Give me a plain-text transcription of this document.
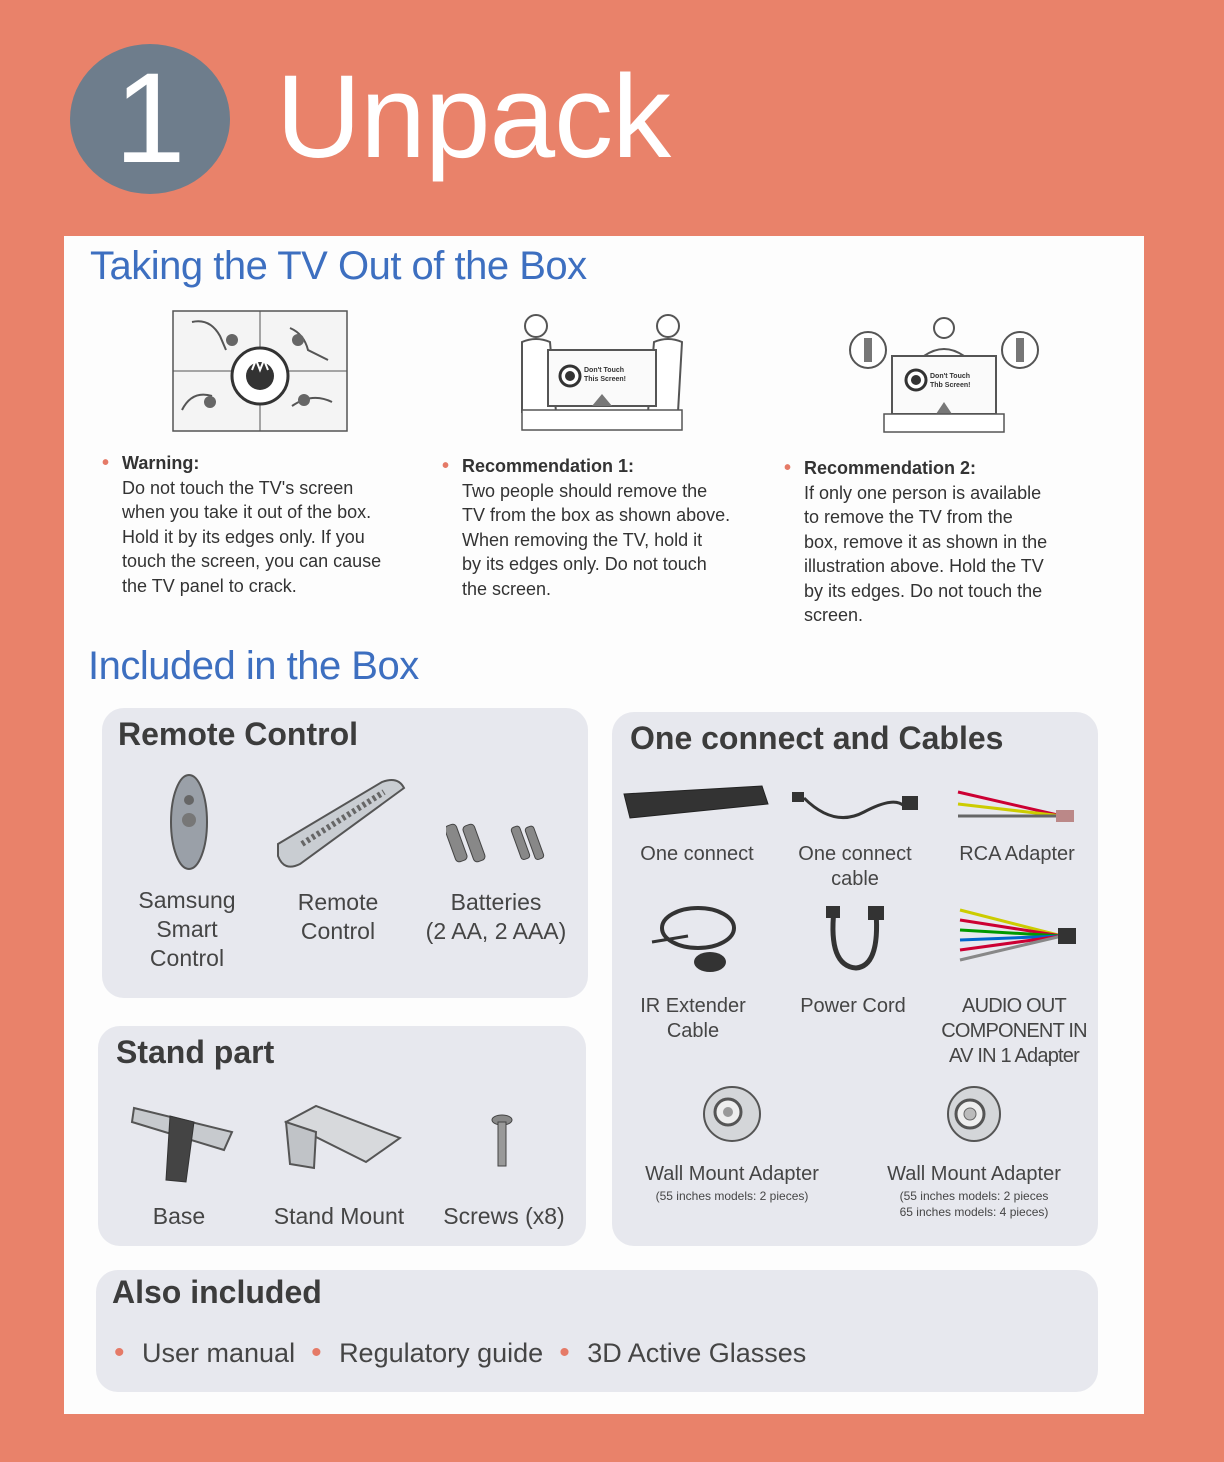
1 Unpack
Taking the TV Out of the Box
Don't Touch
This Screen!	Don't Touch
Thb Screen!
• Warning:
Do not touch the TV's screen
when you take it out of the box.
Hold it by its edges only. If you
touch the screen, you can cause
the TV panel to crack.
• Recommendation 1:
Two people should remove the
TV from the box as shown above.
When removing the TV, hold it
by its edges only. Do not touch
the screen.
• Recommendation 2:
If only one person is available
to remove the TV from the
box, remove it as shown in the
illustration above. Hold the TV
by its edges. Do not touch the
screen.
Included in the Box
Remote Control
Samsung
Smart
Control
Remote
Control
Batteries
(2 AA, 2 AAA)
Stand part
Base	Stand Mount	Screws (x8)
One connect and Cables
One connect	One connect
cable
RCA Adapter
IR Extender
Cable
Power Cord	AUDIO OUT
COMPONENT IN
AV IN 1 Adapter
Wall Mount Adapter
(55 inches models: 2 pieces)
Wall Mount Adapter
(55 inches models: 2 pieces
65 inches models: 4 pieces)
Also included
• User manual	• Regulatory guide	• 3D Active Glasses
